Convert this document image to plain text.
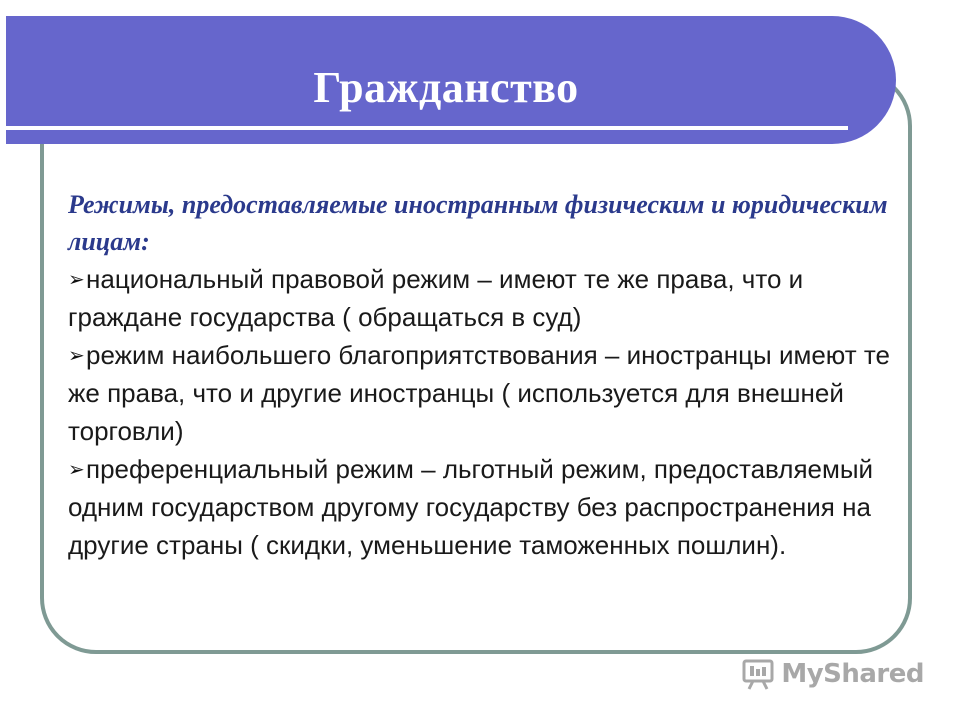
Гражданство

Режимы, предоставляемые иностранным физическим и юридическим лицам:

➢национальный правовой режим – имеют те же права, что и граждане государства ( обращаться в суд)

➢режим наибольшего благоприятствования – иностранцы имеют те же права, что и другие иностранцы ( используется для внешней торговли)

➢преференциальный режим – льготный режим, предоставляемый одним государством другому государству без распространения на другие страны ( скидки, уменьшение таможенных пошлин).

MyShared
